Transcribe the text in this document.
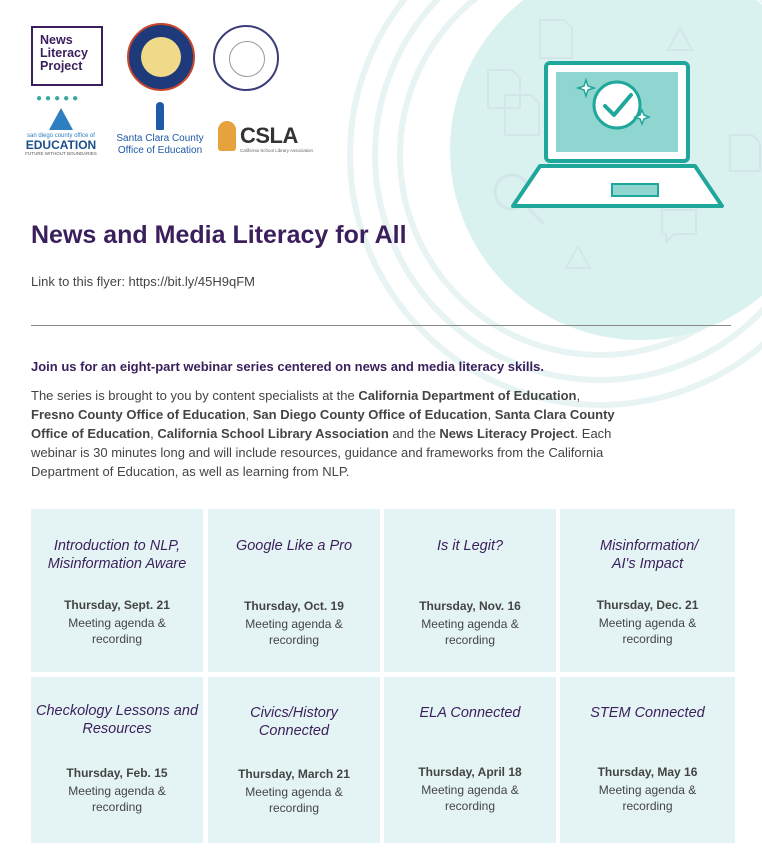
News Literacy Project
●●●●●
san diego county office of
EDUCATION
FUTURE WITHOUT BOUNDARIES
Santa Clara County Office of Education
CSLA
California School Library Association
News and Media Literacy for All
Link to this flyer: https://bit.ly/45H9qFM
Join us for an eight-part webinar series centered on news and media literacy skills.
The series is brought to you by content specialists at the California Department of Education, Fresno County Office of Education, San Diego County Office of Education, Santa Clara County Office of Education, California School Library Association and the News Literacy Project. Each webinar is 30 minutes long and will include resources, guidance and frameworks from the California Department of Education, as well as learning from NLP.
Introduction to NLP, Misinformation Aware
Thursday, Sept. 21
Meeting agenda & recording
Google Like a Pro
Thursday, Oct. 19
Meeting agenda & recording
Is it Legit?
Thursday, Nov. 16
Meeting agenda & recording
Misinformation/ AI's Impact
Thursday, Dec. 21
Meeting agenda & recording
Checkology Lessons and Resources
Thursday, Feb. 15
Meeting agenda & recording
Civics/History Connected
Thursday, March 21
Meeting agenda & recording
ELA Connected
Thursday, April 18
Meeting agenda & recording
STEM Connected
Thursday, May 16
Meeting agenda & recording
